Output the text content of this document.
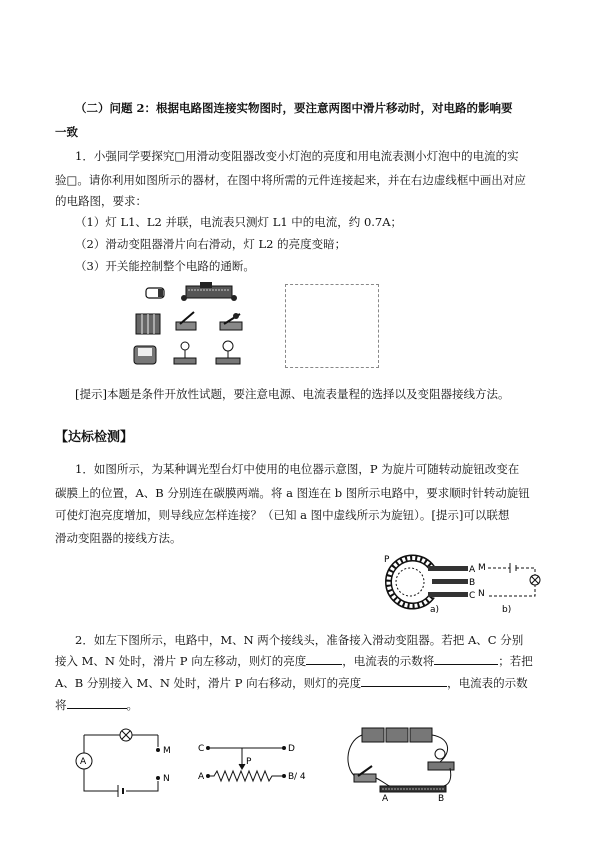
（二）问题 2：根据电路图连接实物图时，要注意两图中滑片移动时，对电路的影响要
一致
1．小强同学要探究□用滑动变阻器改变小灯泡的亮度和用电流表测小灯泡中的电流的实
验□。请你利用如图所示的器材，在图中将所需的元件连接起来，并在右边虚线框中画出对应
的电路图，要求：
（1）灯 L1、L2 并联，电流表只测灯 L1 中的电流，约 0.7A；
（2）滑动变阻器滑片向右滑动，灯 L2 的亮度变暗；
（3）开关能控制整个电路的通断。
[提示]本题是条件开放性试题，要注意电源、电流表量程的选择以及变阻器接线方法。
【达标检测】
1．如图所示，为某种调光型台灯中使用的电位器示意图，P 为旋片可随转动旋钮改变在
碳膜上的位置，A、B 分别连在碳膜两端。将 a 图连在 b 图所示电路中，要求顺时针转动旋钮
可使灯泡亮度增加，则导线应怎样连接？（已知 a 图中虚线所示为旋钮）。[提示]可以联想
滑动变阻器的接线方法。
P
A
B
C
M
N
a)	b)
2．如左下图所示，电路中，M、N 两个接线头，准备接入滑动变阻器。若把 A、C 分别
接入 M、N 处时，滑片 P 向左移动，则灯的亮度	，电流表的示数将	；若把
A、B 分别接入 M、N 处时，滑片 P 向右移动，则灯的亮度	，电流表的示数
将	。
A
M
N
C	D
P
A	B / 4
A	B
